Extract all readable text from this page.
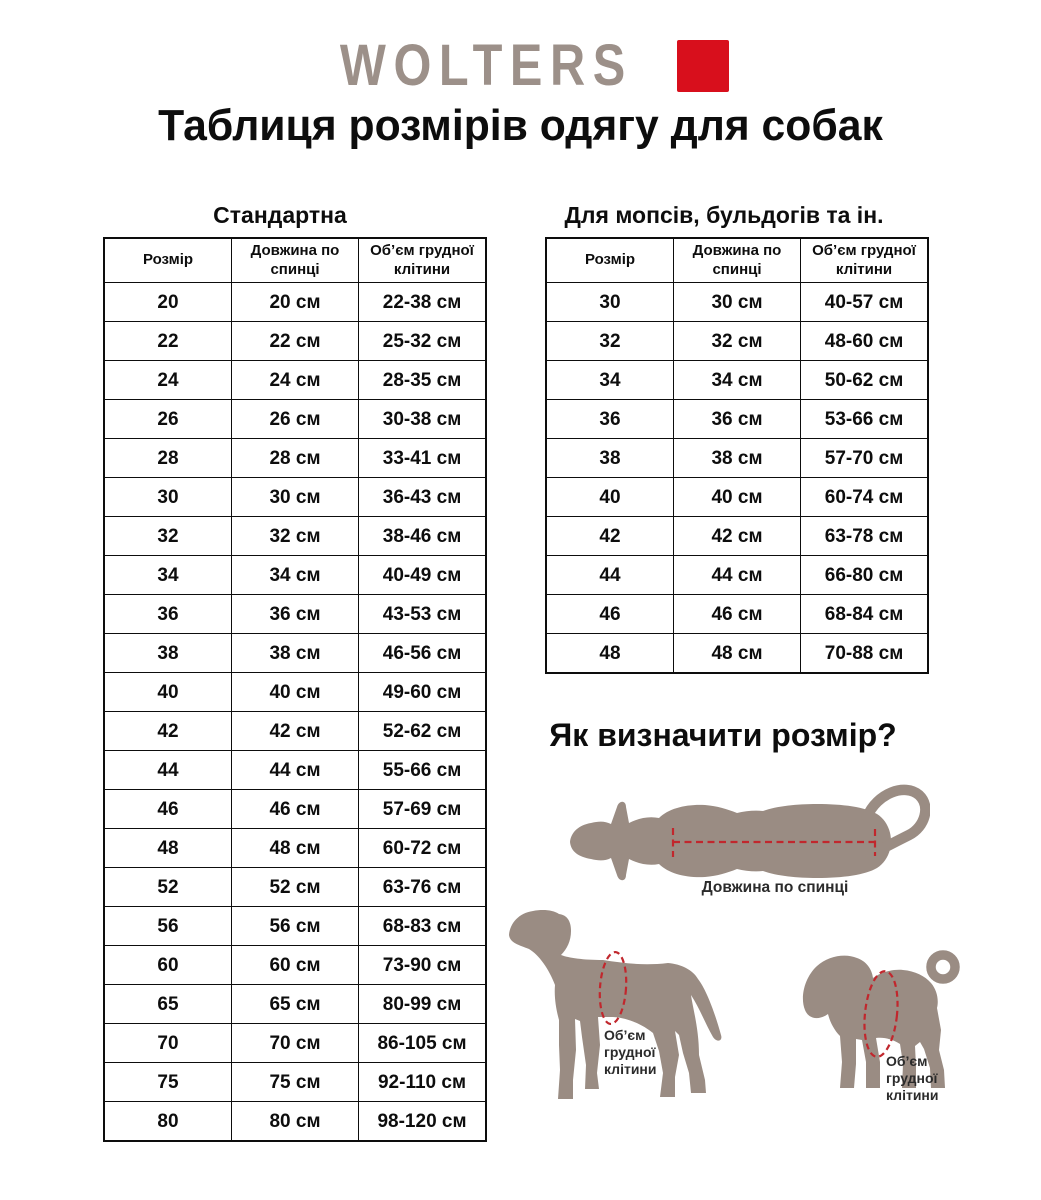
WOLTERS
Таблиця розмірів одягу для собак
Стандартна
Розмір	Довжина по спинці	Об’єм грудної клітини
20	20 см	22-38 см
22	22 см	25-32 см
24	24 см	28-35 см
26	26 см	30-38 см
28	28 см	33-41 см
30	30 см	36-43 см
32	32 см	38-46 см
34	34 см	40-49 см
36	36 см	43-53 см
38	38 см	46-56 см
40	40 см	49-60 см
42	42 см	52-62 см
44	44 см	55-66 см
46	46 см	57-69 см
48	48 см	60-72 см
52	52 см	63-76 см
56	56 см	68-83 см
60	60 см	73-90 см
65	65 см	80-99 см
70	70 см	86-105 см
75	75 см	92-110 см
80	80 см	98-120 см
Для мопсів, бульдогів та ін.
Розмір	Довжина по спинці	Об’єм грудної клітини
30	30 см	40-57 см
32	32 см	48-60 см
34	34 см	50-62 см
36	36 см	53-66 см
38	38 см	57-70 см
40	40 см	60-74 см
42	42 см	63-78 см
44	44 см	66-80 см
46	46 см	68-84 см
48	48 см	70-88 см
Як визначити розмір?
Довжина по спинці
Об’єм грудної клітини
Об’єм грудної клітини
